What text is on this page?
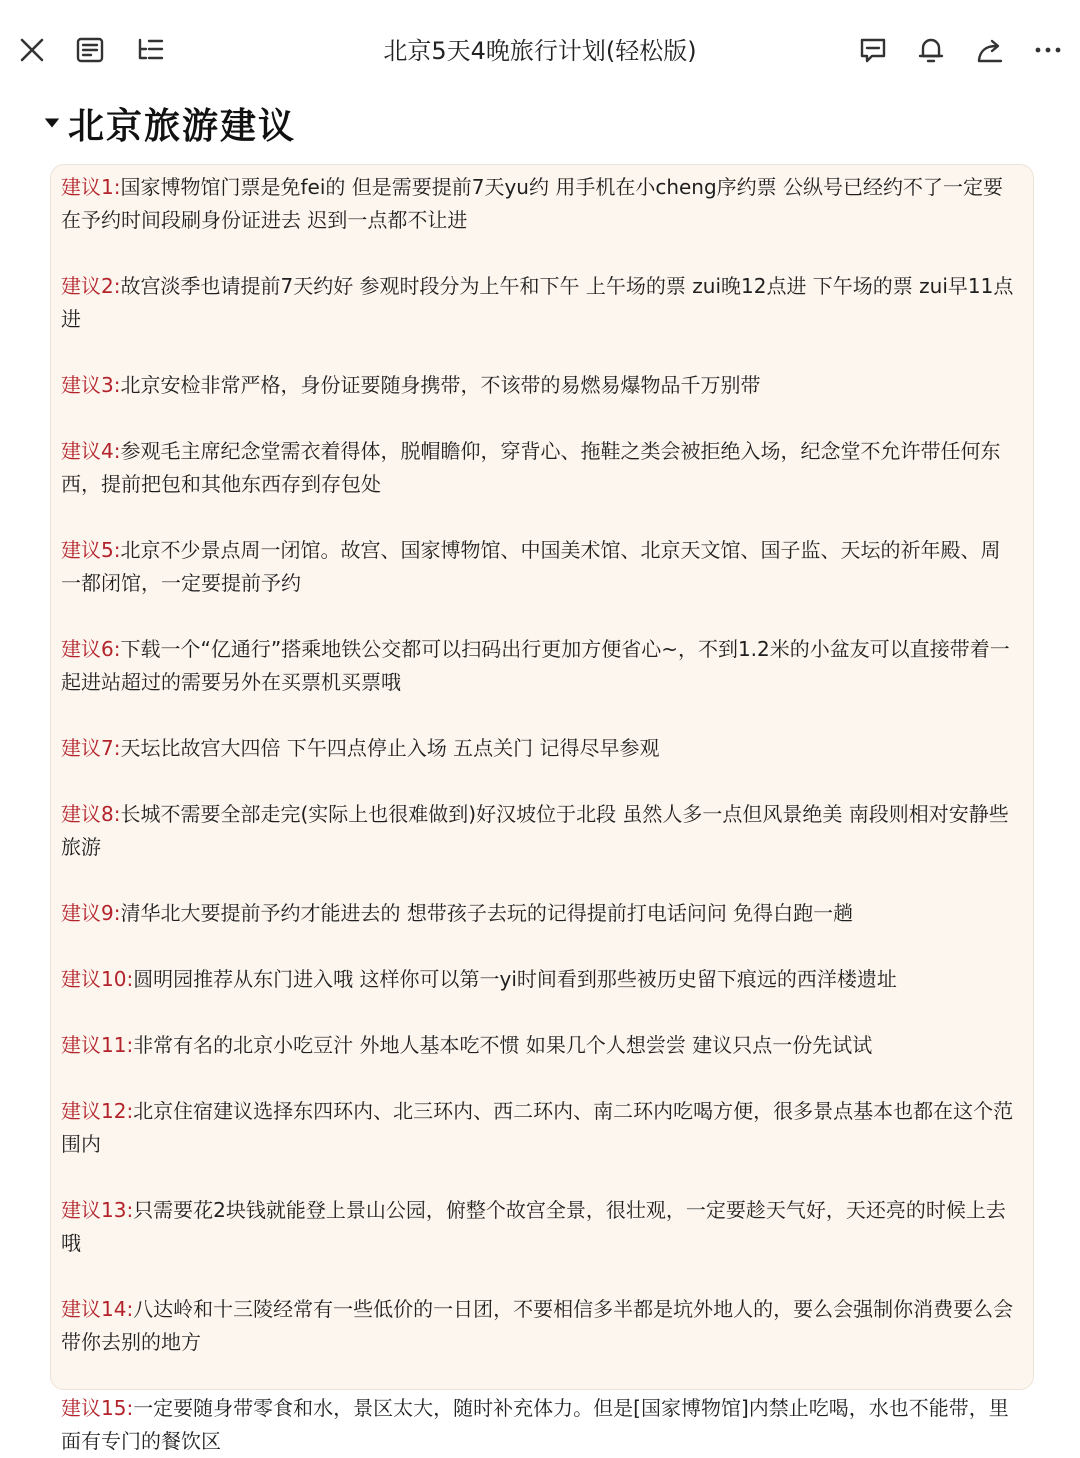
北京5天4晚旅行计划(轻松版)
北京旅游建议

建议1:国家博物馆门票是免fei的 但是需要提前7天yu约 用手机在小cheng序约票 公纵号已经约不了一定要在予约时间段刷身份证进去 迟到一点都不让进

建议2:故宫淡季也请提前7天约好 参观时段分为上午和下午 上午场的票 zui晚12点进 下午场的票 zui早11点进

建议3:北京安检非常严格，身份证要随身携带，不该带的易燃易爆物品千万别带

建议4:参观毛主席纪念堂需衣着得体，脱帽瞻仰，穿背心、拖鞋之类会被拒绝入场，纪念堂不允许带任何东西，提前把包和其他东西存到存包处

建议5:北京不少景点周一闭馆。故宫、国家博物馆、中国美术馆、北京天文馆、国子监、天坛的祈年殿、周一都闭馆，一定要提前予约

建议6:下载一个“亿通行”搭乘地铁公交都可以扫码出行更加方便省心~，不到1.2米的小盆友可以直接带着一起进站超过的需要另外在买票机买票哦

建议7:天坛比故宫大四倍 下午四点停止入场 五点关门 记得尽早参观

建议8:长城不需要全部走完(实际上也很难做到)好汉坡位于北段 虽然人多一点但风景绝美 南段则相对安静些旅游

建议9:清华北大要提前予约才能进去的 想带孩子去玩的记得提前打电话问问 免得白跑一趟

建议10:圆明园推荐从东门进入哦 这样你可以第一yi时间看到那些被历史留下痕远的西洋楼遗址

建议11:非常有名的北京小吃豆汁 外地人基本吃不惯 如果几个人想尝尝 建议只点一份先试试

建议12:北京住宿建议选择东四环内、北三环内、西二环内、南二环内吃喝方便，很多景点基本也都在这个范围内

建议13:只需要花2块钱就能登上景山公园，俯整个故宫全景，很壮观，一定要趁天气好，天还亮的时候上去哦

建议14:八达岭和十三陵经常有一些低价的一日团，不要相信多半都是坑外地人的，要么会强制你消费要么会带你去别的地方

建议15:一定要随身带零食和水，景区太大，随时补充体力。但是[国家博物馆]内禁止吃喝，水也不能带，里面有专门的餐饮区
